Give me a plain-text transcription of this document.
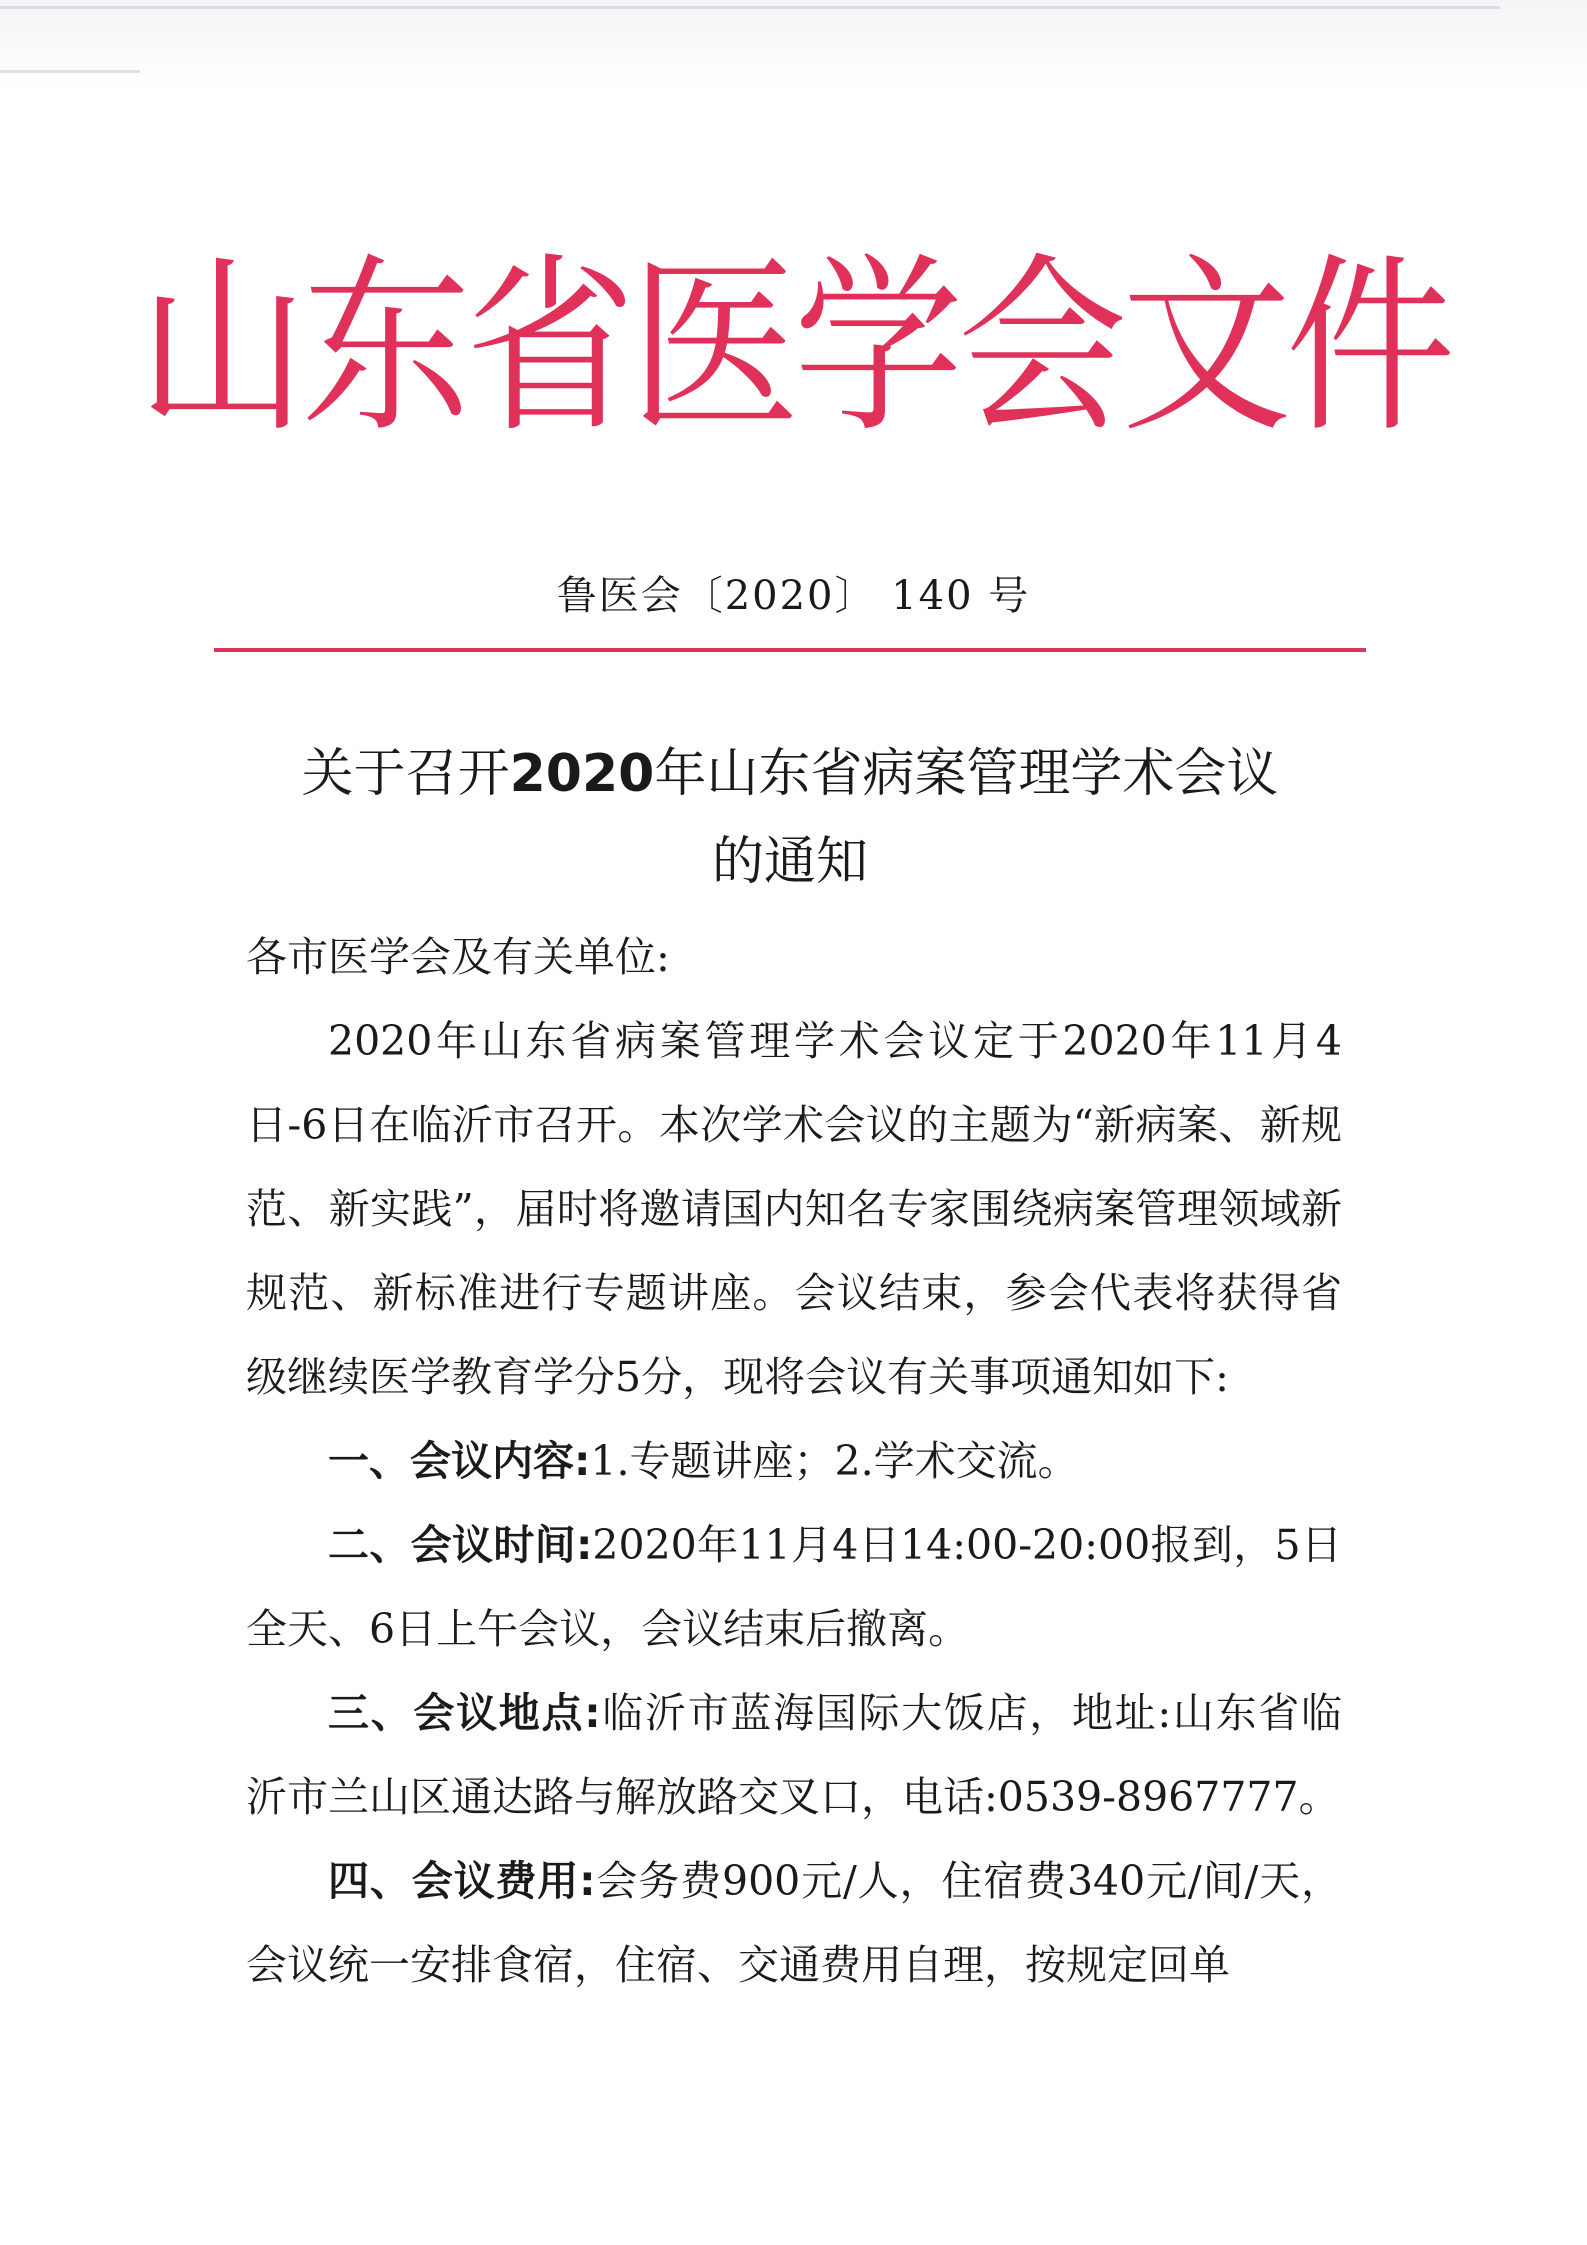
山东省医学会文件
鲁医会〔2020〕 140 号
关于召开2020年山东省病案管理学术会议
的通知

各市医学会及有关单位:

2020年山东省病案管理学术会议定于2020年11月4日-6日在临沂市召开。本次学术会议的主题为“新病案、新规范、新实践”，届时将邀请国内知名专家围绕病案管理领域新规范、新标准进行专题讲座。会议结束，参会代表将获得省级继续医学教育学分5分，现将会议有关事项通知如下:

一、会议内容:1.专题讲座；2.学术交流。

二、会议时间:2020年11月4日14:00-20:00报到，5日全天、6日上午会议，会议结束后撤离。

三、会议地点:临沂市蓝海国际大饭店，地址:山东省临沂市兰山区通达路与解放路交叉口，电话:0539-8967777。

四、会议费用:会务费900元/人，住宿费340元/间/天，会议统一安排食宿，住宿、交通费用自理，按规定回单
